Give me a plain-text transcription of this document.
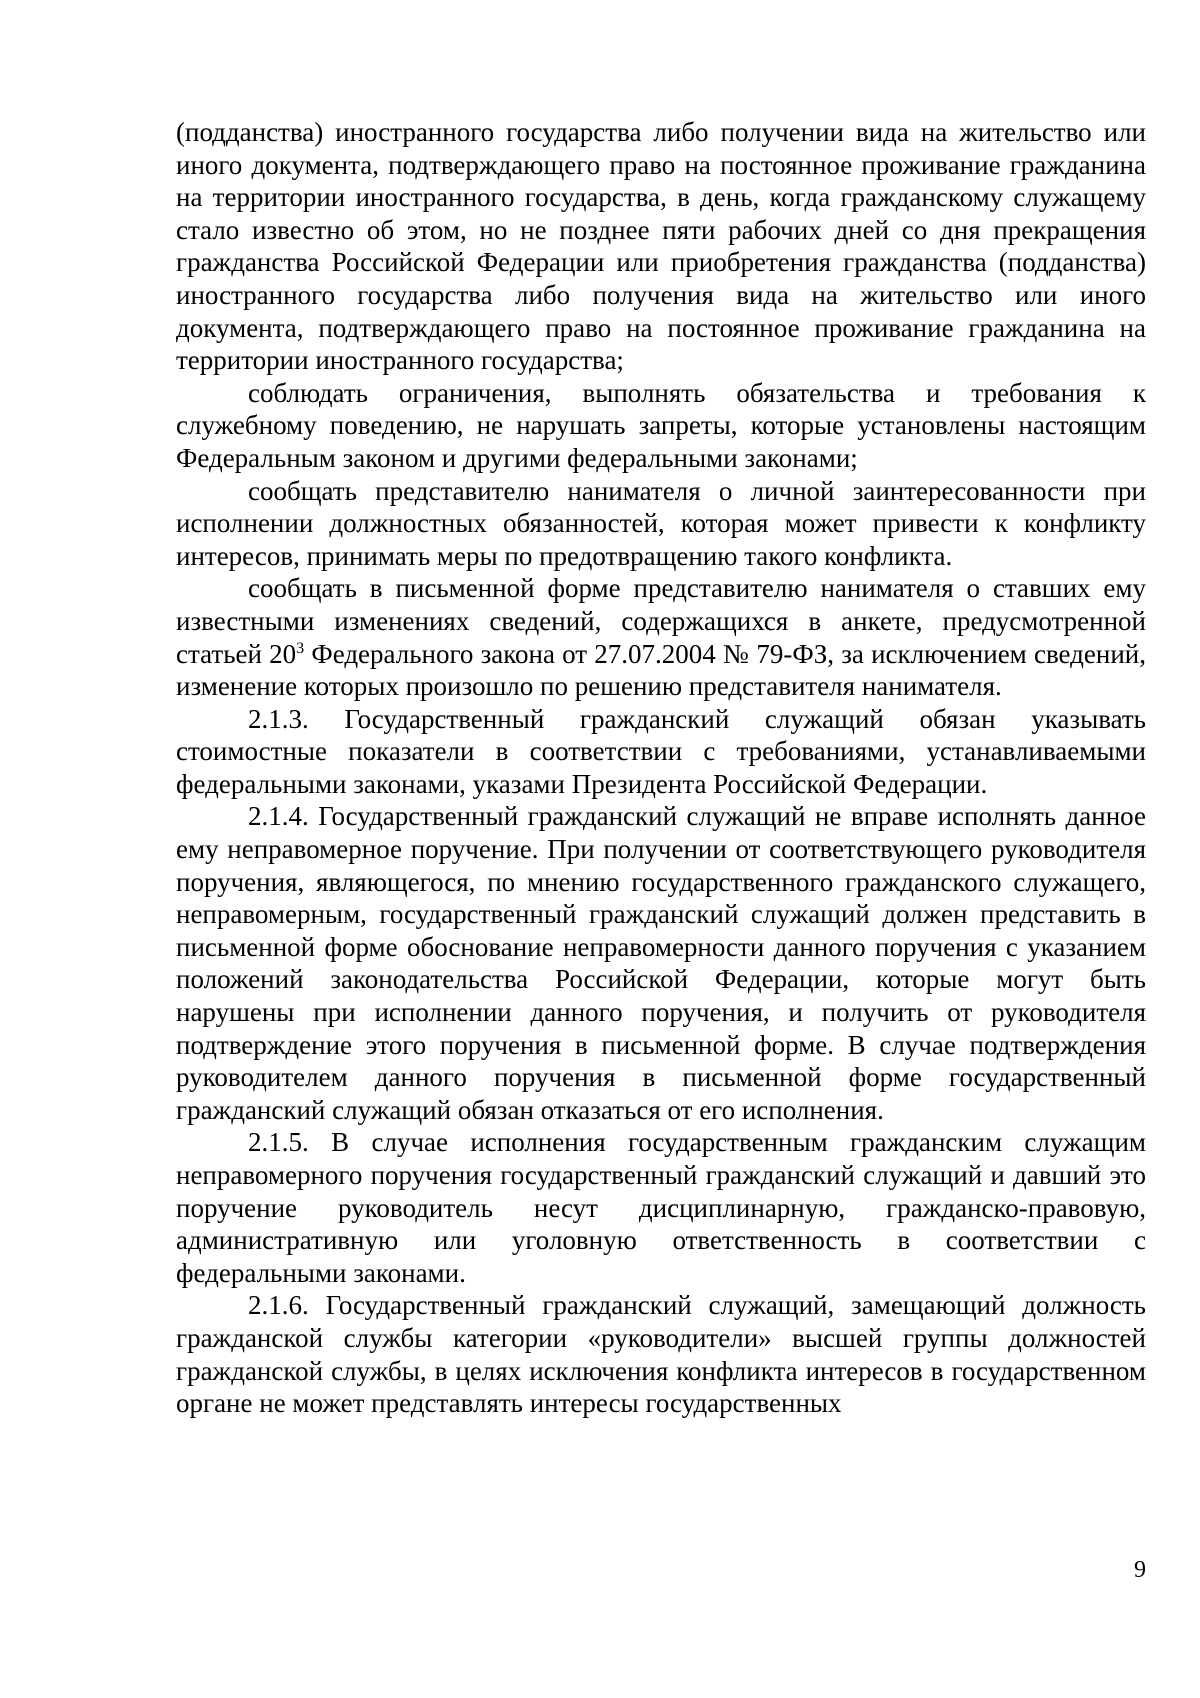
(подданства) иностранного государства либо получении вида на жительство или иного документа, подтверждающего право на постоянное проживание гражданина на территории иностранного государства, в день, когда гражданскому служащему стало известно об этом, но не позднее пяти рабочих дней со дня прекращения гражданства Российской Федерации или приобретения гражданства (подданства) иностранного государства либо получения вида на жительство или иного документа, подтверждающего право на постоянное проживание гражданина на территории иностранного государства;

соблюдать ограничения, выполнять обязательства и требования к служебному поведению, не нарушать запреты, которые установлены настоящим Федеральным законом и другими федеральными законами;

сообщать представителю нанимателя о личной заинтересованности при исполнении должностных обязанностей, которая может привести к конфликту интересов, принимать меры по предотвращению такого конфликта.

сообщать в письменной форме представителю нанимателя о ставших ему известными изменениях сведений, содержащихся в анкете, предусмотренной статьей $20^3$ Федерального закона от 27.07.2004 № 79-ФЗ, за исключением сведений, изменение которых произошло по решению представителя нанимателя.

2.1.3. Государственный гражданский служащий обязан указывать стоимостные показатели в соответствии с требованиями, устанавливаемыми федеральными законами, указами Президента Российской Федерации.

2.1.4. Государственный гражданский служащий не вправе исполнять данное ему неправомерное поручение. При получении от соответствующего руководителя поручения, являющегося, по мнению государственного гражданского служащего, неправомерным, государственный гражданский служащий должен представить в письменной форме обоснование неправомерности данного поручения с указанием положений законодательства Российской Федерации, которые могут быть нарушены при исполнении данного поручения, и получить от руководителя подтверждение этого поручения в письменной форме. В случае подтверждения руководителем данного поручения в письменной форме государственный гражданский служащий обязан отказаться от его исполнения.

2.1.5. В случае исполнения государственным гражданским служащим неправомерного поручения государственный гражданский служащий и давший это поручение руководитель несут дисциплинарную, гражданско-правовую, административную или уголовную ответственность в соответствии с федеральными законами.

2.1.6. Государственный гражданский служащий, замещающий должность гражданской службы категории «руководители» высшей группы должностей гражданской службы, в целях исключения конфликта интересов в государственном органе не может представлять интересы государственных

9
